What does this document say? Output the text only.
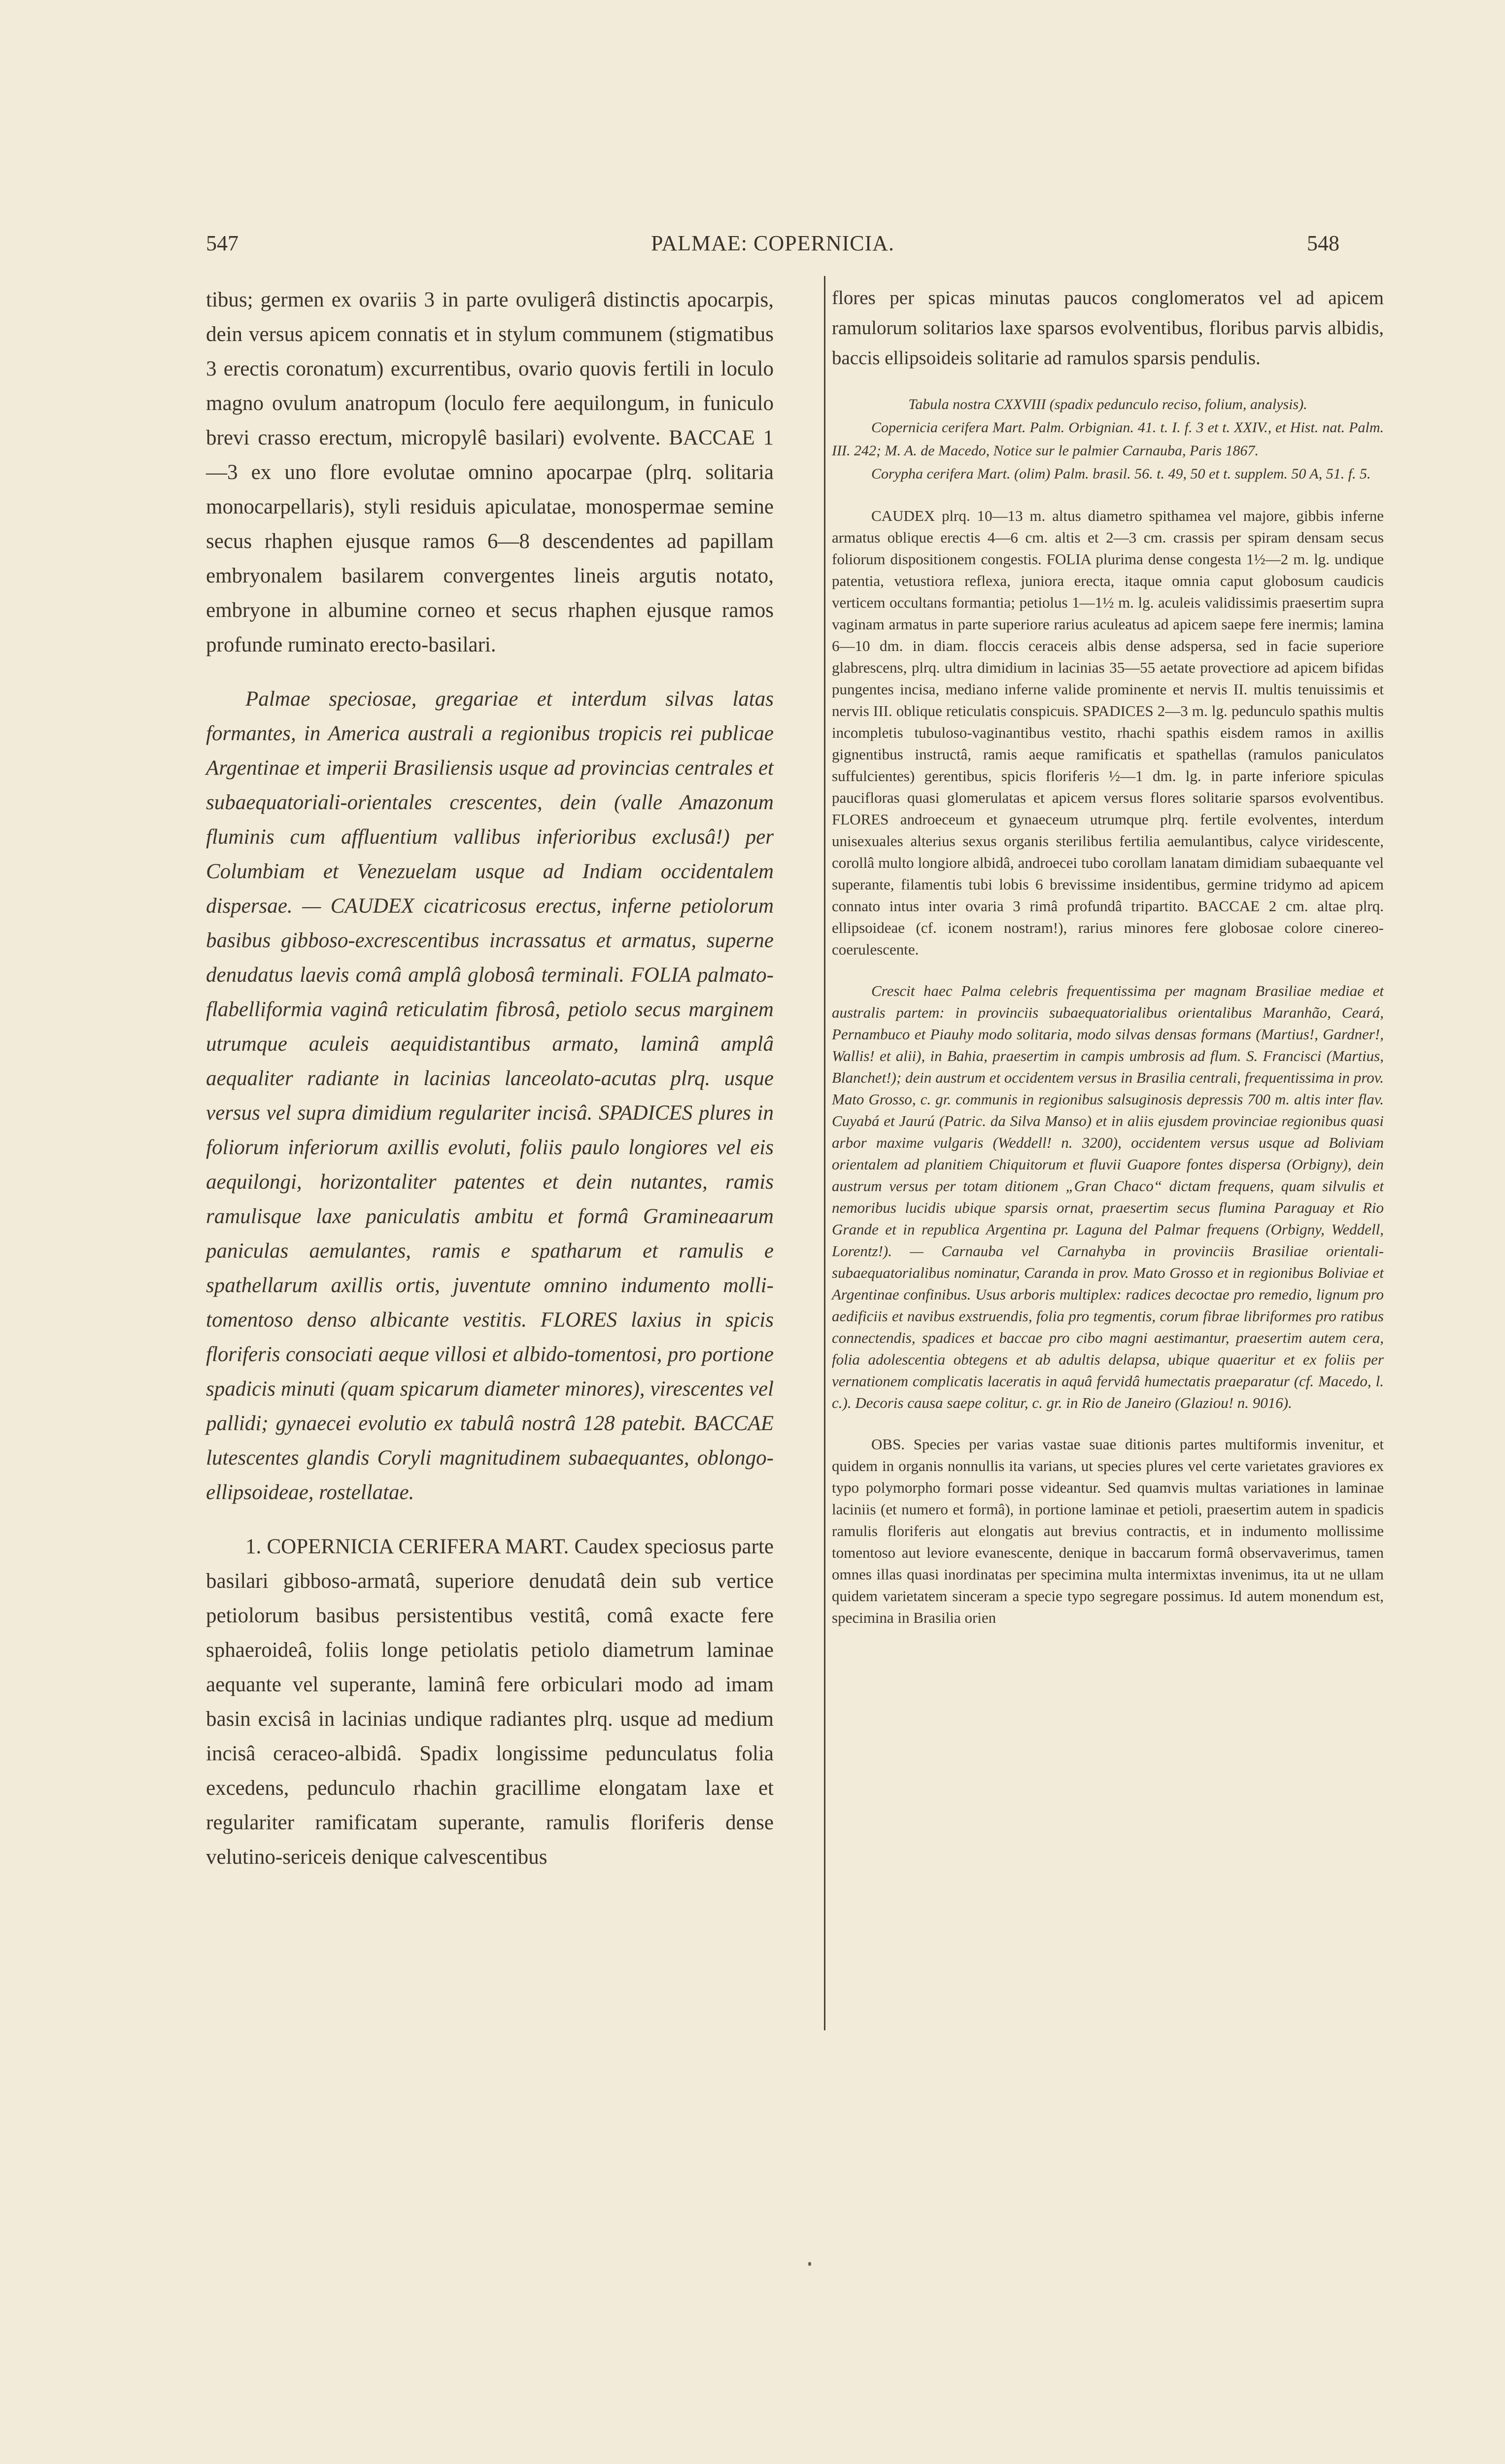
547	PALMAE: COPERNICIA.	548

tibus; germen ex ovariis 3 in parte ovuligerâ distinctis apocarpis, dein versus apicem connatis et in stylum communem (stigmatibus 3 erectis coronatum) excurrentibus, ovario quovis fertili in loculo magno ovulum anatropum (loculo fere aequilongum, in funiculo brevi crasso erectum, micropylê basilari) evolvente. BACCAE 1—3 ex uno flore evolutae omnino apocarpae (plrq. solitaria monocarpellaris), styli residuis apiculatae, monospermae semine secus rhaphen ejusque ramos 6—8 descendentes ad papillam embryonalem basilarem convergentes lineis argutis notato, embryone in albumine corneo et secus rhaphen ejusque ramos profunde ruminato erecto-basilari.

Palmae speciosae, gregariae et interdum silvas latas formantes, in America australi a regionibus tropicis rei publicae Argentinae et imperii Brasiliensis usque ad provincias centrales et subaequatoriali-orientales crescentes, dein (valle Amazonum fluminis cum affluentium vallibus inferioribus exclusâ!) per Columbiam et Venezuelam usque ad Indiam occidentalem dispersae. — CAUDEX cicatricosus erectus, inferne petiolorum basibus gibboso-excrescentibus incrassatus et armatus, superne denudatus laevis comâ amplâ globosâ terminali. FOLIA palmato-flabelliformia vaginâ reticulatim fibrosâ, petiolo secus marginem utrumque aculeis aequidistantibus armato, laminâ amplâ aequaliter radiante in lacinias lanceolato-acutas plrq. usque versus vel supra dimidium regulariter incisâ. SPADICES plures in foliorum inferiorum axillis evoluti, foliis paulo longiores vel eis aequilongi, horizontaliter patentes et dein nutantes, ramis ramulisque laxe paniculatis ambitu et formâ Gramineaarum paniculas aemulantes, ramis e spatharum et ramulis e spathellarum axillis ortis, juventute omnino indumento molli-tomentoso denso albicante vestitis. FLORES laxius in spicis floriferis consociati aeque villosi et albido-tomentosi, pro portione spadicis minuti (quam spicarum diameter minores), virescentes vel pallidi; gynaecei evolutio ex tabulâ nostrâ 128 patebit. BACCAE lutescentes glandis Coryli magnitudinem subaequantes, oblongo-ellipsoideae, rostellatae.

1. COPERNICIA CERIFERA MART. Caudex speciosus parte basilari gibboso-armatâ, superiore denudatâ dein sub vertice petiolorum basibus persistentibus vestitâ, comâ exacte fere sphaeroideâ, foliis longe petiolatis petiolo diametrum laminae aequante vel superante, laminâ fere orbiculari modo ad imam basin excisâ in lacinias undique radiantes plrq. usque ad medium incisâ ceraceo-albidâ. Spadix longissime pedunculatus folia excedens, pedunculo rhachin gracillime elongatam laxe et regulariter ramificatam superante, ramulis floriferis dense velutino-sericeis denique calvescentibus

flores per spicas minutas paucos conglomeratos vel ad apicem ramulorum solitarios laxe sparsos evolventibus, floribus parvis albidis, baccis ellipsoideis solitarie ad ramulos sparsis pendulis.

Tabula nostra CXXVIII (spadix pedunculo reciso, folium, analysis).

Copernicia cerifera Mart. Palm. Orbignian. 41. t. I. f. 3 et t. XXIV., et Hist. nat. Palm. III. 242; M. A. de Macedo, Notice sur le palmier Carnauba, Paris 1867.

Corypha cerifera Mart. (olim) Palm. brasil. 56. t. 49, 50 et t. supplem. 50 A, 51. f. 5.

CAUDEX plrq. 10—13 m. altus diametro spithamea vel majore, gibbis inferne armatus oblique erectis 4—6 cm. altis et 2—3 cm. crassis per spiram densam secus foliorum dispositionem congestis. FOLIA plurima dense congesta 1½—2 m. lg. undique patentia, vetustiora reflexa, juniora erecta, itaque omnia caput globosum caudicis verticem occultans formantia; petiolus 1—1½ m. lg. aculeis validissimis praesertim supra vaginam armatus in parte superiore rarius aculeatus ad apicem saepe fere inermis; lamina 6—10 dm. in diam. floccis ceraceis albis dense adspersa, sed in facie superiore glabrescens, plrq. ultra dimidium in lacinias 35—55 aetate provectiore ad apicem bifidas pungentes incisa, mediano inferne valide prominente et nervis II. multis tenuissimis et nervis III. oblique reticulatis conspicuis. SPADICES 2—3 m. lg. pedunculo spathis multis incompletis tubuloso-vaginantibus vestito, rhachi spathis eisdem ramos in axillis gignentibus instructâ, ramis aeque ramificatis et spathellas (ramulos paniculatos suffulcientes) gerentibus, spicis floriferis ½—1 dm. lg. in parte inferiore spiculas paucifloras quasi glomerulatas et apicem versus flores solitarie sparsos evolventibus. FLORES androeceum et gynaeceum utrumque plrq. fertile evolventes, interdum unisexuales alterius sexus organis sterilibus fertilia aemulantibus, calyce viridescente, corollâ multo longiore albidâ, androecei tubo corollam lanatam dimidiam subaequante vel superante, filamentis tubi lobis 6 brevissime insidentibus, germine tridymo ad apicem connato intus inter ovaria 3 rimâ profundâ tripartito. BACCAE 2 cm. altae plrq. ellipsoideae (cf. iconem nostram!), rarius minores fere globosae colore cinereo-coerulescente.

Crescit haec Palma celebris frequentissima per magnam Brasiliae mediae et australis partem: in provinciis subaequatorialibus orientalibus Maranhão, Ceará, Pernambuco et Piauhy modo solitaria, modo silvas densas formans (Martius!, Gardner!, Wallis! et alii), in Bahia, praesertim in campis umbrosis ad flum. S. Francisci (Martius, Blanchet!); dein austrum et occidentem versus in Brasilia centrali, frequentissima in prov. Mato Grosso, c. gr. communis in regionibus salsuginosis depressis 700 m. altis inter flav. Cuyabá et Jaurú (Patric. da Silva Manso) et in aliis ejusdem provinciae regionibus quasi arbor maxime vulgaris (Weddell! n. 3200), occidentem versus usque ad Boliviam orientalem ad planitiem Chiquitorum et fluvii Guapore fontes dispersa (Orbigny), dein austrum versus per totam ditionem „Gran Chaco“ dictam frequens, quam silvulis et nemoribus lucidis ubique sparsis ornat, praesertim secus flumina Paraguay et Rio Grande et in republica Argentina pr. Laguna del Palmar frequens (Orbigny, Weddell, Lorentz!). — Carnauba vel Carnahyba in provinciis Brasiliae orientali-subaequatorialibus nominatur, Caranda in prov. Mato Grosso et in regionibus Boliviae et Argentinae confinibus. Usus arboris multiplex: radices decoctae pro remedio, lignum pro aedificiis et navibus exstruendis, folia pro tegmentis, corum fibrae libriformes pro ratibus connectendis, spadices et baccae pro cibo magni aestimantur, praesertim autem cera, folia adolescentia obtegens et ab adultis delapsa, ubique quaeritur et ex foliis per vernationem complicatis laceratis in aquâ fervidâ humectatis praeparatur (cf. Macedo, l. c.). Decoris causa saepe colitur, c. gr. in Rio de Janeiro (Glaziou! n. 9016).

OBS. Species per varias vastae suae ditionis partes multiformis invenitur, et quidem in organis nonnullis ita varians, ut species plures vel certe varietates graviores ex typo polymorpho formari posse videantur. Sed quamvis multas variationes in laminae laciniis (et numero et formâ), in portione laminae et petioli, praesertim autem in spadicis ramulis floriferis aut elongatis aut brevius contractis, et in indumento mollissime tomentoso aut leviore evanescente, denique in baccarum formâ observaverimus, tamen omnes illas quasi inordinatas per specimina multa intermixtas invenimus, ita ut ne ullam quidem varietatem sinceram a specie typo segregare possimus. Id autem monendum est, specimina in Brasilia orien
